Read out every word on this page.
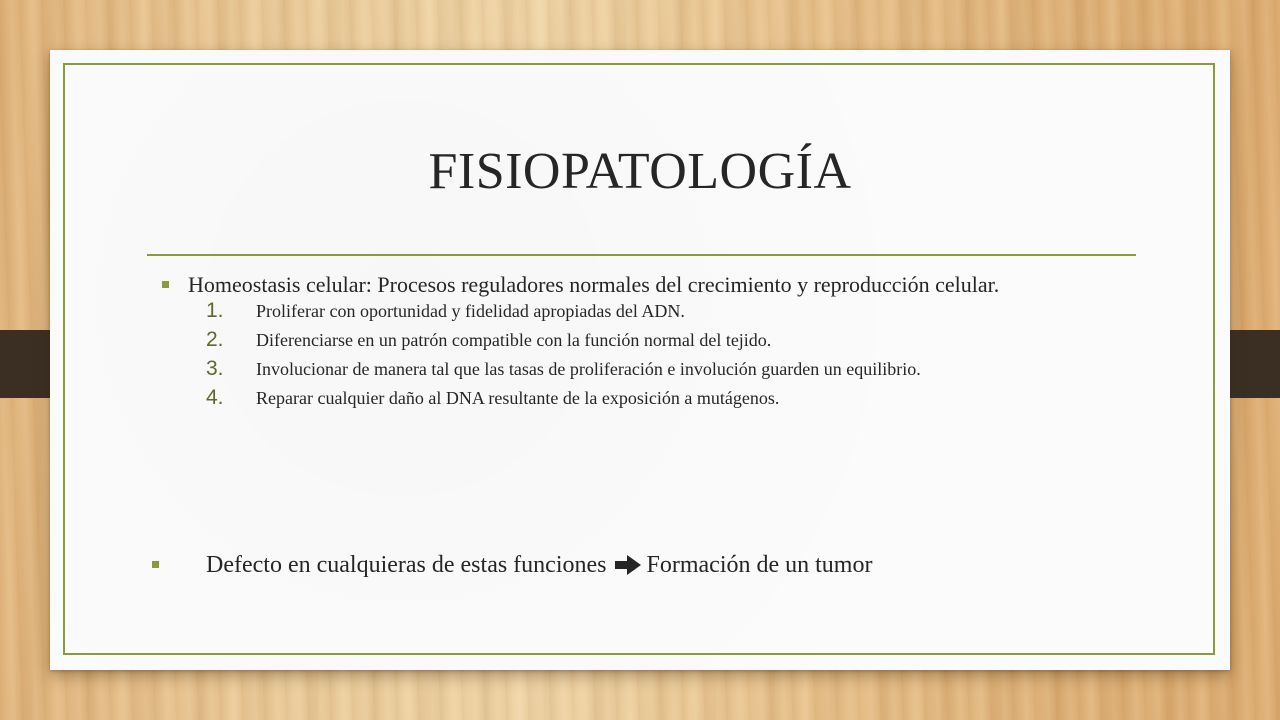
FISIOPATOLOGÍA
Homeostasis celular: Procesos reguladores normales del crecimiento y reproducción celular.
1. Proliferar con oportunidad y fidelidad apropiadas del ADN.
2. Diferenciarse en un patrón compatible con la función normal del tejido.
3. Involucionar de manera tal que las tasas de proliferación e involución guarden un equilibrio.
4. Reparar cualquier daño al DNA resultante de la exposición a mutágenos.
Defecto en cualquieras de estas funciones Formación de un tumor
